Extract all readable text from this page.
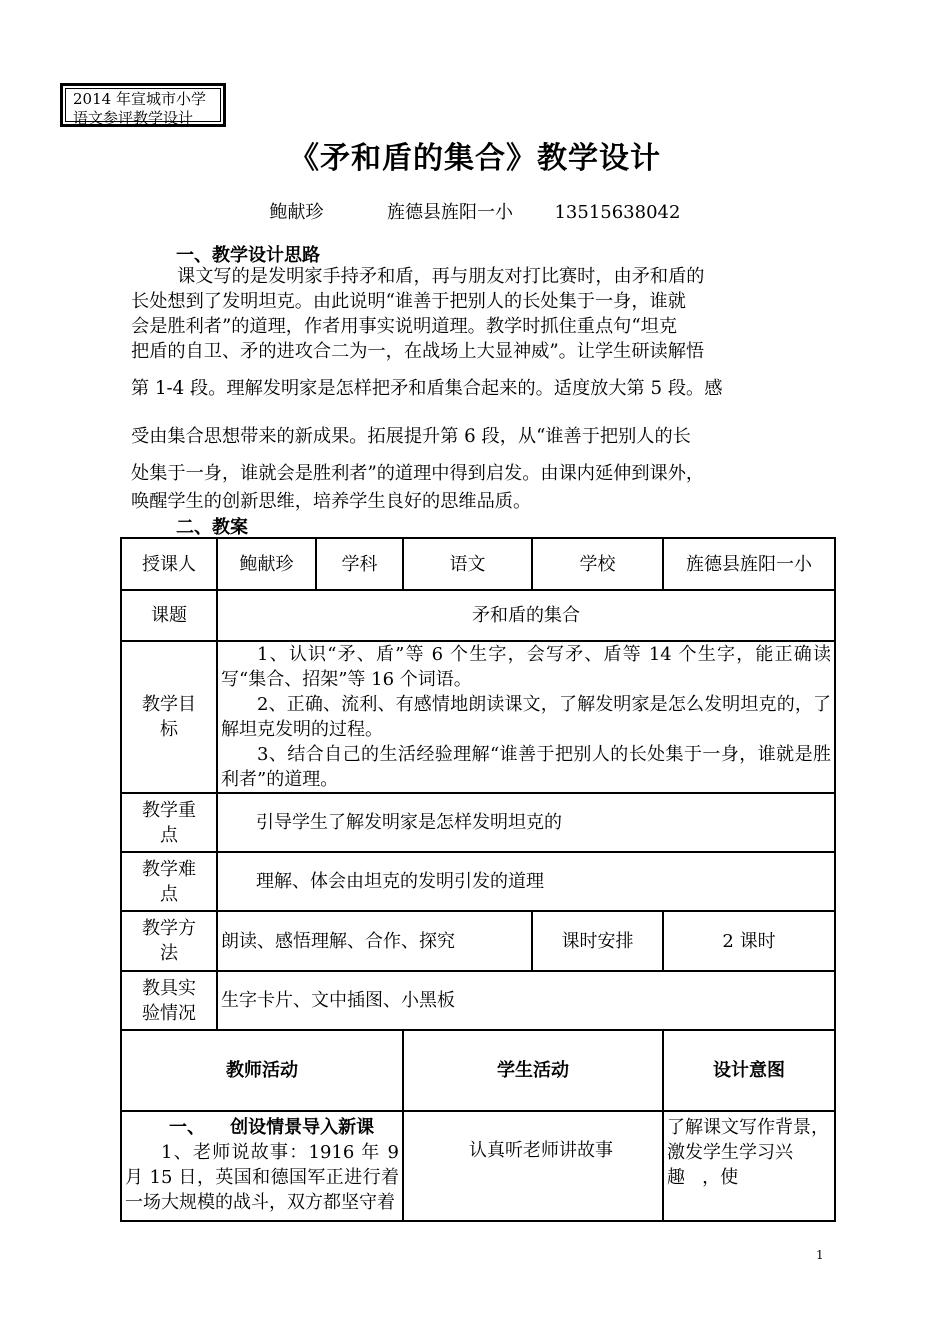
2014 年宣城市小学
语文参评教学设计
《矛和盾的集合》教学设计
鲍献珍	旌德县旌阳一小 13515638042
一、教学设计思路
课文写的是发明家手持矛和盾，再与朋友对打比赛时，由矛和盾的
长处想到了发明坦克。由此说明“谁善于把别人的长处集于一身，谁就
会是胜利者”的道理，作者用事实说明道理。教学时抓住重点句“坦克
把盾的自卫、矛的进攻合二为一，在战场上大显神威”。让学生研读解悟
第 1-4 段。理解发明家是怎样把矛和盾集合起来的。适度放大第 5 段。感
受由集合思想带来的新成果。拓展提升第 6 段，从“谁善于把别人的长
处集于一身，谁就会是胜利者”的道理中得到启发。由课内延伸到课外，
唤醒学生的创新思维，培养学生良好的思维品质。
二、教案
授课人	鲍献珍	学科	语文	学校	旌德县旌阳一小
课题	矛和盾的集合				
教学目标	1、认识“矛、盾”等 6 个生字，会写矛、盾等 14 个生字，能正确读写“集合、招架”等 16 个词语。

2、正确、流利、有感情地朗读课文，了解发明家是怎么发明坦克的，了解坦克发明的过程。

3、结合自己的生活经验理解“谁善于把别人的长处集于一身，谁就是胜利者”的道理。				

教学重点	引导学生了解发明家是怎样发明坦克的				
教学难点	理解、体会由坦克的发明引发的道理				
教学方法	朗读、感悟理解、合作、探究			课时安排	2 课时
教具实验情况	生字卡片、文中插图、小黑板				
教师活动			学生活动		设计意图

一、    创设情景导入新课
1、老师说故事：1916 年 9 月 15 日，英国和德国军正进行着一场大规模的战斗，双方都坚守着			认真听老师讲故事		了解课文写作背景，激发学生学习兴趣   ，使
1
